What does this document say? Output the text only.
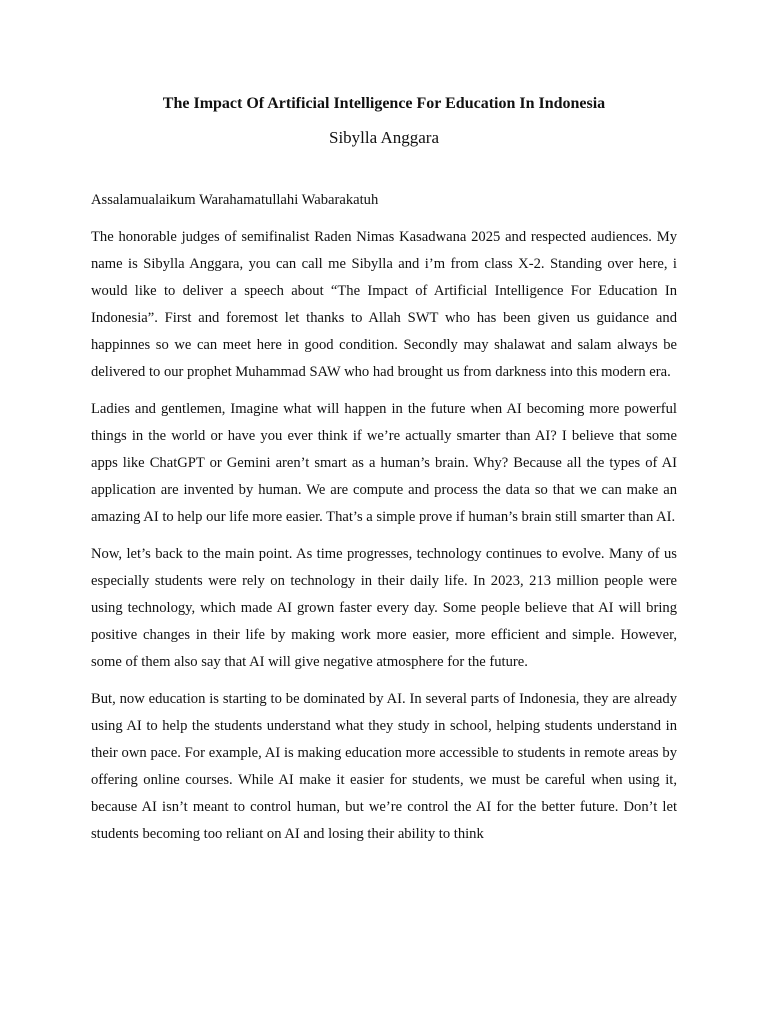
The Impact Of Artificial Intelligence For Education In Indonesia
Sibylla Anggara

Assalamualaikum Warahamatullahi Wabarakatuh

The honorable judges of semifinalist Raden Nimas Kasadwana 2025 and respected audiences. My name is Sibylla Anggara, you can call me Sibylla and i’m from class X-2. Standing over here, i would like to deliver a speech about “The Impact of Artificial Intelligence For Education In Indonesia”. First and foremost let thanks to Allah SWT who has been given us guidance and happinnes so we can meet here in good condition. Secondly may shalawat and salam always be delivered to our prophet Muhammad SAW who had brought us from darkness into this modern era.

Ladies and gentlemen, Imagine what will happen in the future when AI becoming more powerful things in the world or have you ever think if we’re actually smarter than AI? I believe that some apps like ChatGPT or Gemini aren’t smart as a human’s brain. Why? Because all the types of AI application are invented by human. We are compute and process the data so that we can make an amazing AI to help our life more easier. That’s a simple prove if human’s brain still smarter than AI.

Now, let’s back to the main point. As time progresses, technology continues to evolve. Many of us especially students were rely on technology in their daily life. In 2023, 213 million people were using technology, which made AI grown faster every day. Some people believe that AI will bring positive changes in their life by making work more easier, more efficient and simple. However, some of them also say that AI will give negative atmosphere for the future.

But, now education is starting to be dominated by AI. In several parts of Indonesia, they are already using AI to help the students understand what they study in school, helping students understand in their own pace. For example, AI is making education more accessible to students in remote areas by offering online courses. While AI make it easier for students, we must be careful when using it, because AI isn’t meant to control human, but we’re control the AI for the better future. Don’t let students becoming too reliant on AI and losing their ability to think
